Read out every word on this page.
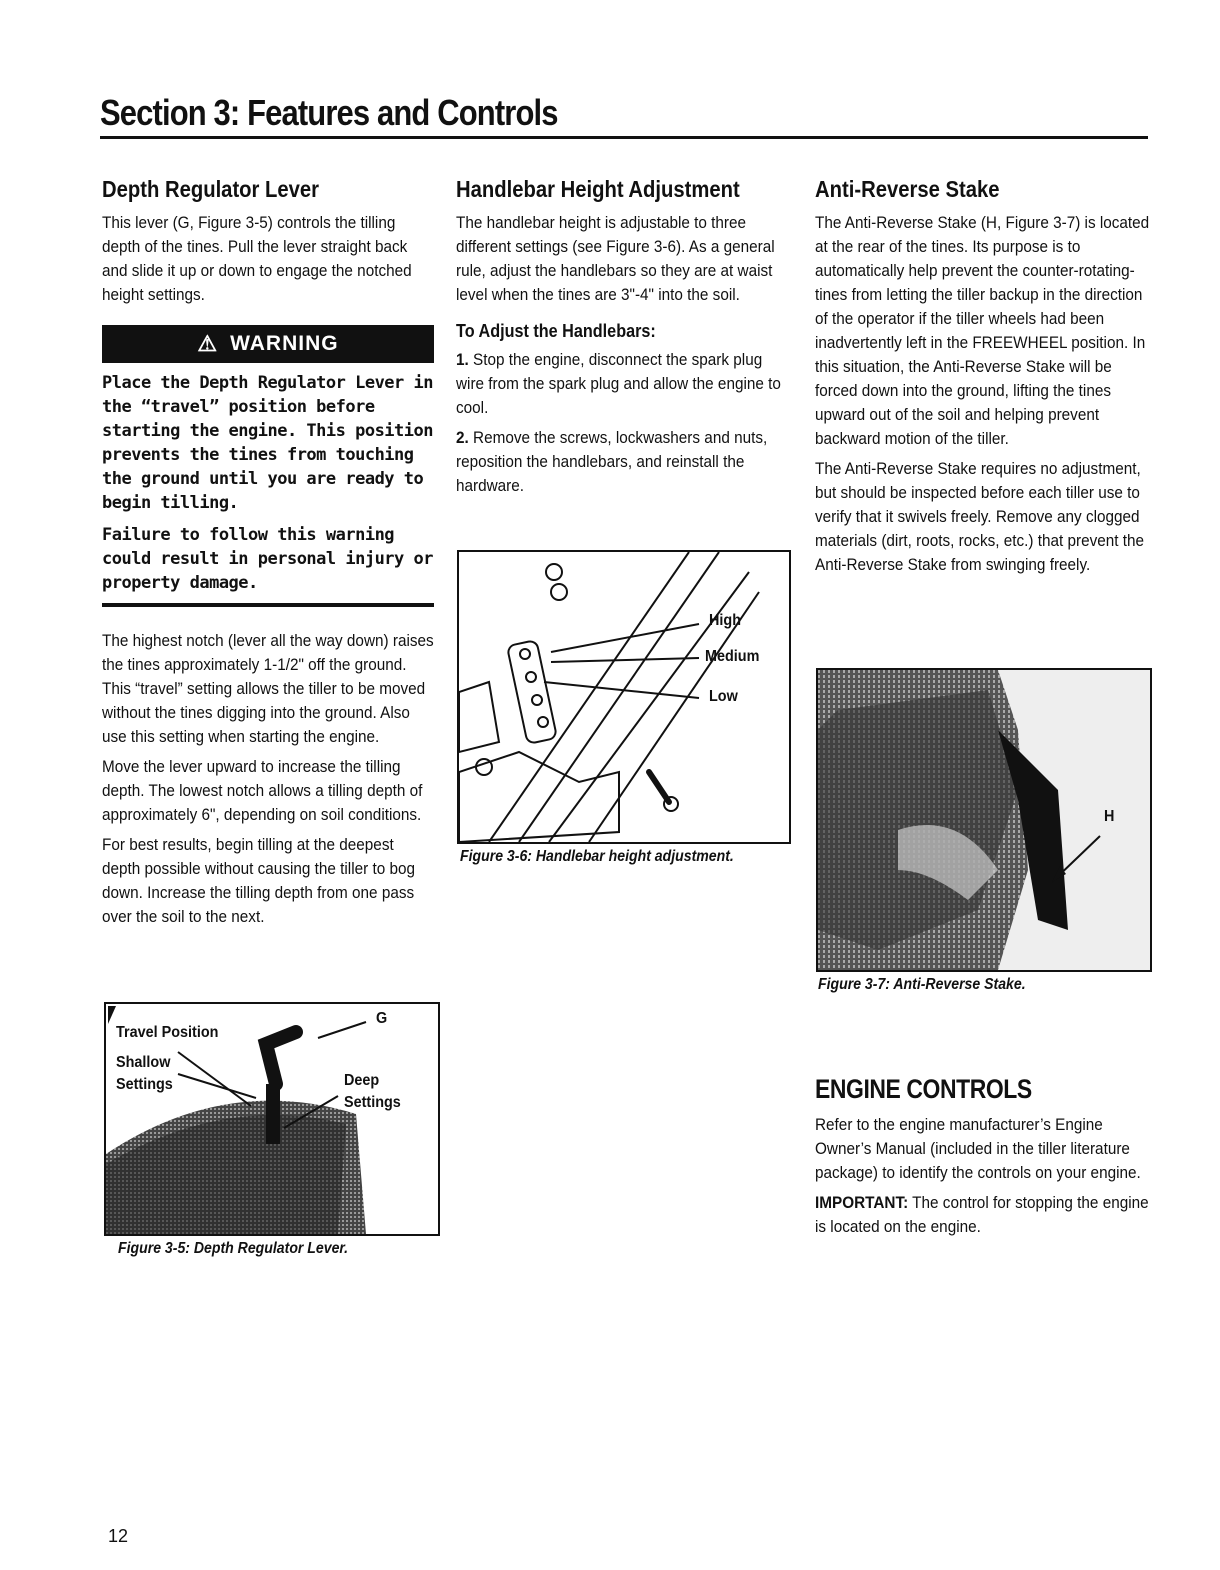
Section 3: Features and Controls
Depth Regulator Lever

This lever (G, Figure 3-5) controls the tilling depth of the tines. Pull the lever straight back and slide it up or down to engage the notched height settings.

⚠ WARNING

Place the Depth Regulator Lever in the “travel” position before starting the engine. This position prevents the tines from touching the ground until you are ready to begin tilling.

Failure to follow this warning could result in personal injury or property damage.

The highest notch (lever all the way down) raises the tines approximately 1-1/2" off the ground. This “travel” setting allows the tiller to be moved without the tines digging into the ground. Also use this setting when starting the engine.

Move the lever upward to increase the tilling depth. The lowest notch allows a tilling depth of approximately 6", depending on soil conditions.

For best results, begin tilling at the deepest depth possible without causing the tiller to bog down. Increase the tilling depth from one pass over the soil to the next.

Travel Position
Shallow
Settings	Deep
Settings
G
Figure 3-5: Depth Regulator Lever.
Handlebar Height Adjustment

The handlebar height is adjustable to three different settings (see Figure 3-6). As a general rule, adjust the handlebars so they are at waist level when the tines are 3"-4" into the soil.

To Adjust the Handlebars:

1. Stop the engine, disconnect the spark plug wire from the spark plug and allow the engine to cool.

2. Remove the screws, lockwashers and nuts, reposition the handlebars, and reinstall the hardware.

High
Medium
Low
Figure 3-6: Handlebar height adjustment.
Anti-Reverse Stake

The Anti-Reverse Stake (H, Figure 3-7) is located at the rear of the tines. Its purpose is to automatically help prevent the counter-rotating-tines from letting the tiller backup in the direction of the operator if the tiller wheels had been inadvertently left in the FREEWHEEL position. In this situation, the Anti-Reverse Stake will be forced down into the ground, lifting the tines upward out of the soil and helping prevent backward motion of the tiller.

The Anti-Reverse Stake requires no adjustment, but should be inspected before each tiller use to verify that it swivels freely. Remove any clogged materials (dirt, roots, rocks, etc.) that prevent the Anti-Reverse Stake from swinging freely.

H
Figure 3-7: Anti-Reverse Stake.
ENGINE CONTROLS

Refer to the engine manufacturer’s Engine Owner’s Manual (included in the tiller literature package) to identify the controls on your engine.

IMPORTANT: The control for stopping the engine is located on the engine.

12
